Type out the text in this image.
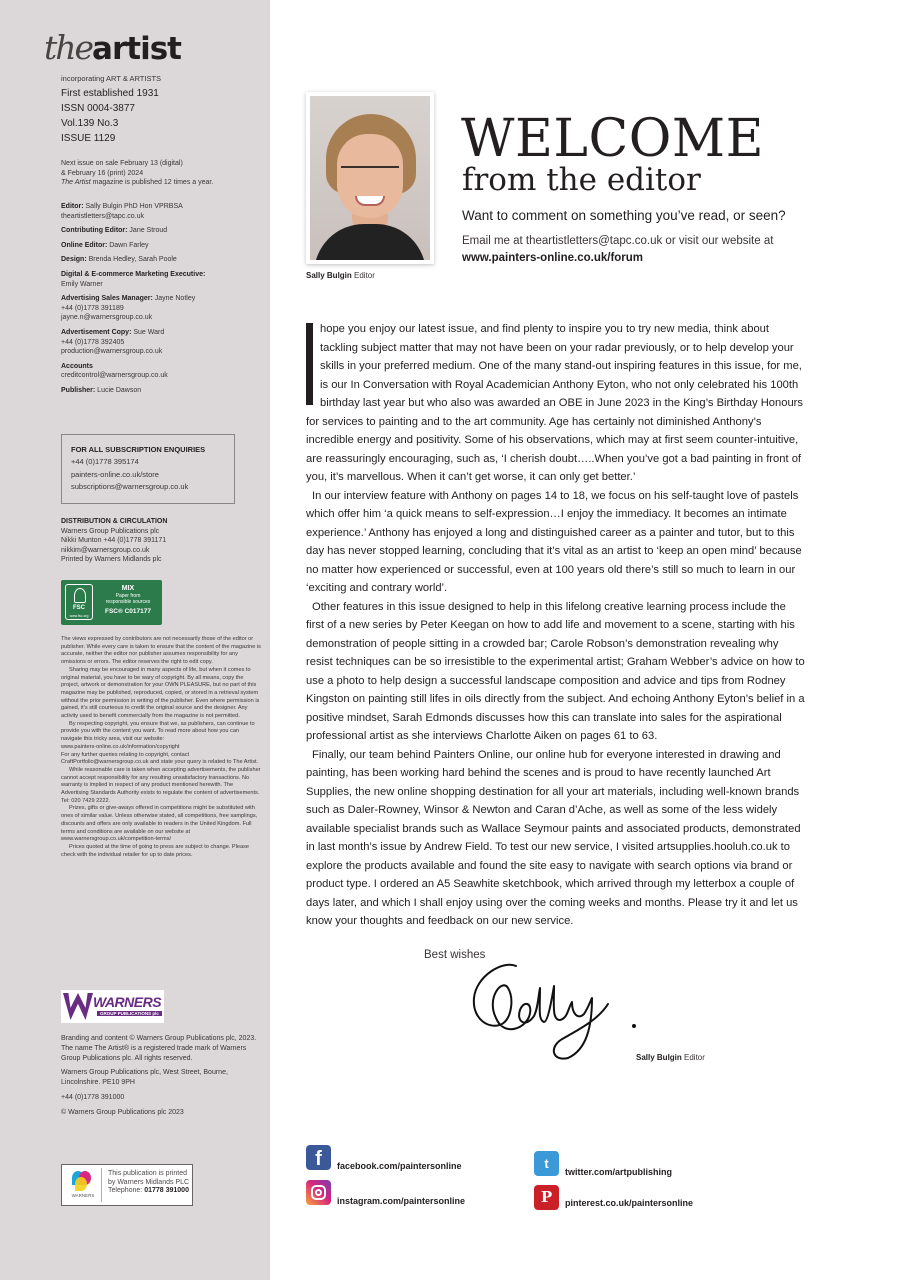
theartist
incorporating ART & ARTISTS
First established 1931
ISSN 0004-3877
Vol.139 No.3
ISSUE 1129
Next issue on sale February 13 (digital)
& February 16 (print) 2024
The Artist magazine is published 12 times a year.

Editor: Sally Bulgin PhD Hon VPRBSA
theartistletters@tapc.co.uk

Contributing Editor: Jane Stroud

Online Editor: Dawn Farley

Design: Brenda Hedley, Sarah Poole

Digital & E-commerce Marketing Executive:
Emily Warner

Advertising Sales Manager: Jayne Notley
+44 (0)1778 391189
jayne.n@warnersgroup.co.uk

Advertisement Copy: Sue Ward
+44 (0)1778 392405
production@warnersgroup.co.uk

Accounts
creditcontrol@warnersgroup.co.uk

Publisher: Lucie Dawson

FOR ALL SUBSCRIPTION ENQUIRIES
+44 (0)1778 395174
painters-online.co.uk/store
subscriptions@warnersgroup.co.uk
DISTRIBUTION & CIRCULATION
Warners Group Publications plc
Nikki Munton +44 (0)1778 391171
nikkim@warnersgroup.co.uk
Printed by Warners Midlands plc
FSC
www.fsc.org
MIX
Paper from
responsible sources
FSC® C017177

The views expressed by contributors are not necessarily those of the editor or publisher. While every care is taken to ensure that the content of the magazine is accurate, neither the editor nor publisher assumes responsibility for any omissions or errors. The editor reserves the right to edit copy.

Sharing may be encouraged in many aspects of life, but when it comes to original material, you have to be wary of copyright. By all means, copy the project, artwork or demonstration for your OWN PLEASURE, but no part of this magazine may be published, reproduced, copied, or stored in a retrieval system without the prior permission in writing of the publisher. Even where permission is gained, it’s still courteous to credit the original source and the designer. Any activity used to benefit commercially from the magazine is not permitted.

By respecting copyright, you ensure that we, as publishers, can continue to provide you with the content you want. To read more about how you can navigate this tricky area, visit our website:

www.painters-online.co.uk/information/copyright

For any further queries relating to copyright, contact CraftPortfolio@warnersgroup.co.uk and state your query is related to The Artist.

While reasonable care is taken when accepting advertisements, the publisher cannot accept responsibility for any resulting unsatisfactory transactions. No warranty is implied in respect of any product mentioned herewith. The Advertising Standards Authority exists to regulate the content of advertisements. Tel: 020 7429 2222.

Prizes, gifts or give-aways offered in competitions might be substituted with ones of similar value. Unless otherwise stated, all competitions, free samplings, discounts and offers are only available to readers in the United Kingdom. Full terms and conditions are available on our website at www.warnersgroup.co.uk/competition-terms/

Prices quoted at the time of going to press are subject to change. Please check with the individual retailer for up to date prices.

WARNERS
GROUP PUBLICATIONS plc

Branding and content © Warners Group Publications plc, 2023. The name The Artist® is a registered trade mark of Warners Group Publications plc. All rights reserved.

Warners Group Publications plc, West Street, Bourne, Lincolnshire. PE10 9PH

+44 (0)1778 391000

© Warners Group Publications plc 2023

WARNERS
This publication is printed
by Warners Midlands PLC
Telephone: 01778 391000
Sally Bulgin Editor
WELCOME
from the editor
Want to comment on something you’ve read, or seen?
Email me at theartistletters@tapc.co.uk or visit our website at www.painters-online.co.uk/forum

hope you enjoy our latest issue, and find plenty to inspire you to try new media, think about tackling subject matter that may not have been on your radar previously, or to help develop your skills in your preferred medium. One of the many stand-out inspiring features in this issue, for me, is our In Conversation with Royal Academician Anthony Eyton, who not only celebrated his 100th birthday last year but who also was awarded an OBE in June 2023 in the King’s Birthday Honours for services to painting and to the art community. Age has certainly not diminished Anthony’s incredible energy and positivity. Some of his observations, which may at first seem counter-intuitive, are reassuringly encouraging, such as, ‘I cherish doubt…..When you’ve got a bad painting in front of you, it’s marvellous. When it can’t get worse, it can only get better.’

In our interview feature with Anthony on pages 14 to 18, we focus on his self-taught love of pastels which offer him ‘a quick means to self-expression…I enjoy the immediacy. It becomes an intimate experience.’ Anthony has enjoyed a long and distinguished career as a painter and tutor, but to this day has never stopped learning, concluding that it’s vital as an artist to ‘keep an open mind’ because no matter how experienced or successful, even at 100 years old there’s still so much to learn in our ‘exciting and contrary world’.

Other features in this issue designed to help in this lifelong creative learning process include the first of a new series by Peter Keegan on how to add life and movement to a scene, starting with his demonstration of people sitting in a crowded bar; Carole Robson’s demonstration revealing why resist techniques can be so irresistible to the experimental artist; Graham Webber’s advice on how to use a photo to help design a successful landscape composition and advice and tips from Rodney Kingston on painting still lifes in oils directly from the subject. And echoing Anthony Eyton’s belief in a positive mindset, Sarah Edmonds discusses how this can translate into sales for the aspirational professional artist as she interviews Charlotte Aiken on pages 61 to 63.

Finally, our team behind Painters Online, our online hub for everyone interested in drawing and painting, has been working hard behind the scenes and is proud to have recently launched Art Supplies, the new online shopping destination for all your art materials, including well-known brands such as Daler-Rowney, Winsor & Newton and Caran d’Ache, as well as some of the less widely available specialist brands such as Wallace Seymour paints and associated products, demonstrated in last month’s issue by Andrew Field. To test our new service, I visited artsupplies.hooluh.co.uk to explore the products available and found the site easy to navigate with search options via brand or product type. I ordered an A5 Seawhite sketchbook, which arrived through my letterbox a couple of days later, and which I shall enjoy using over the coming weeks and months. Please try it and let us know your thoughts and feedback on our new service.

Best wishes
Sally Bulgin Editor
f	facebook.com/paintersonline	t
twitter.com/artpublishing
instagram.com/paintersonline	P	pinterest.co.uk/paintersonline
